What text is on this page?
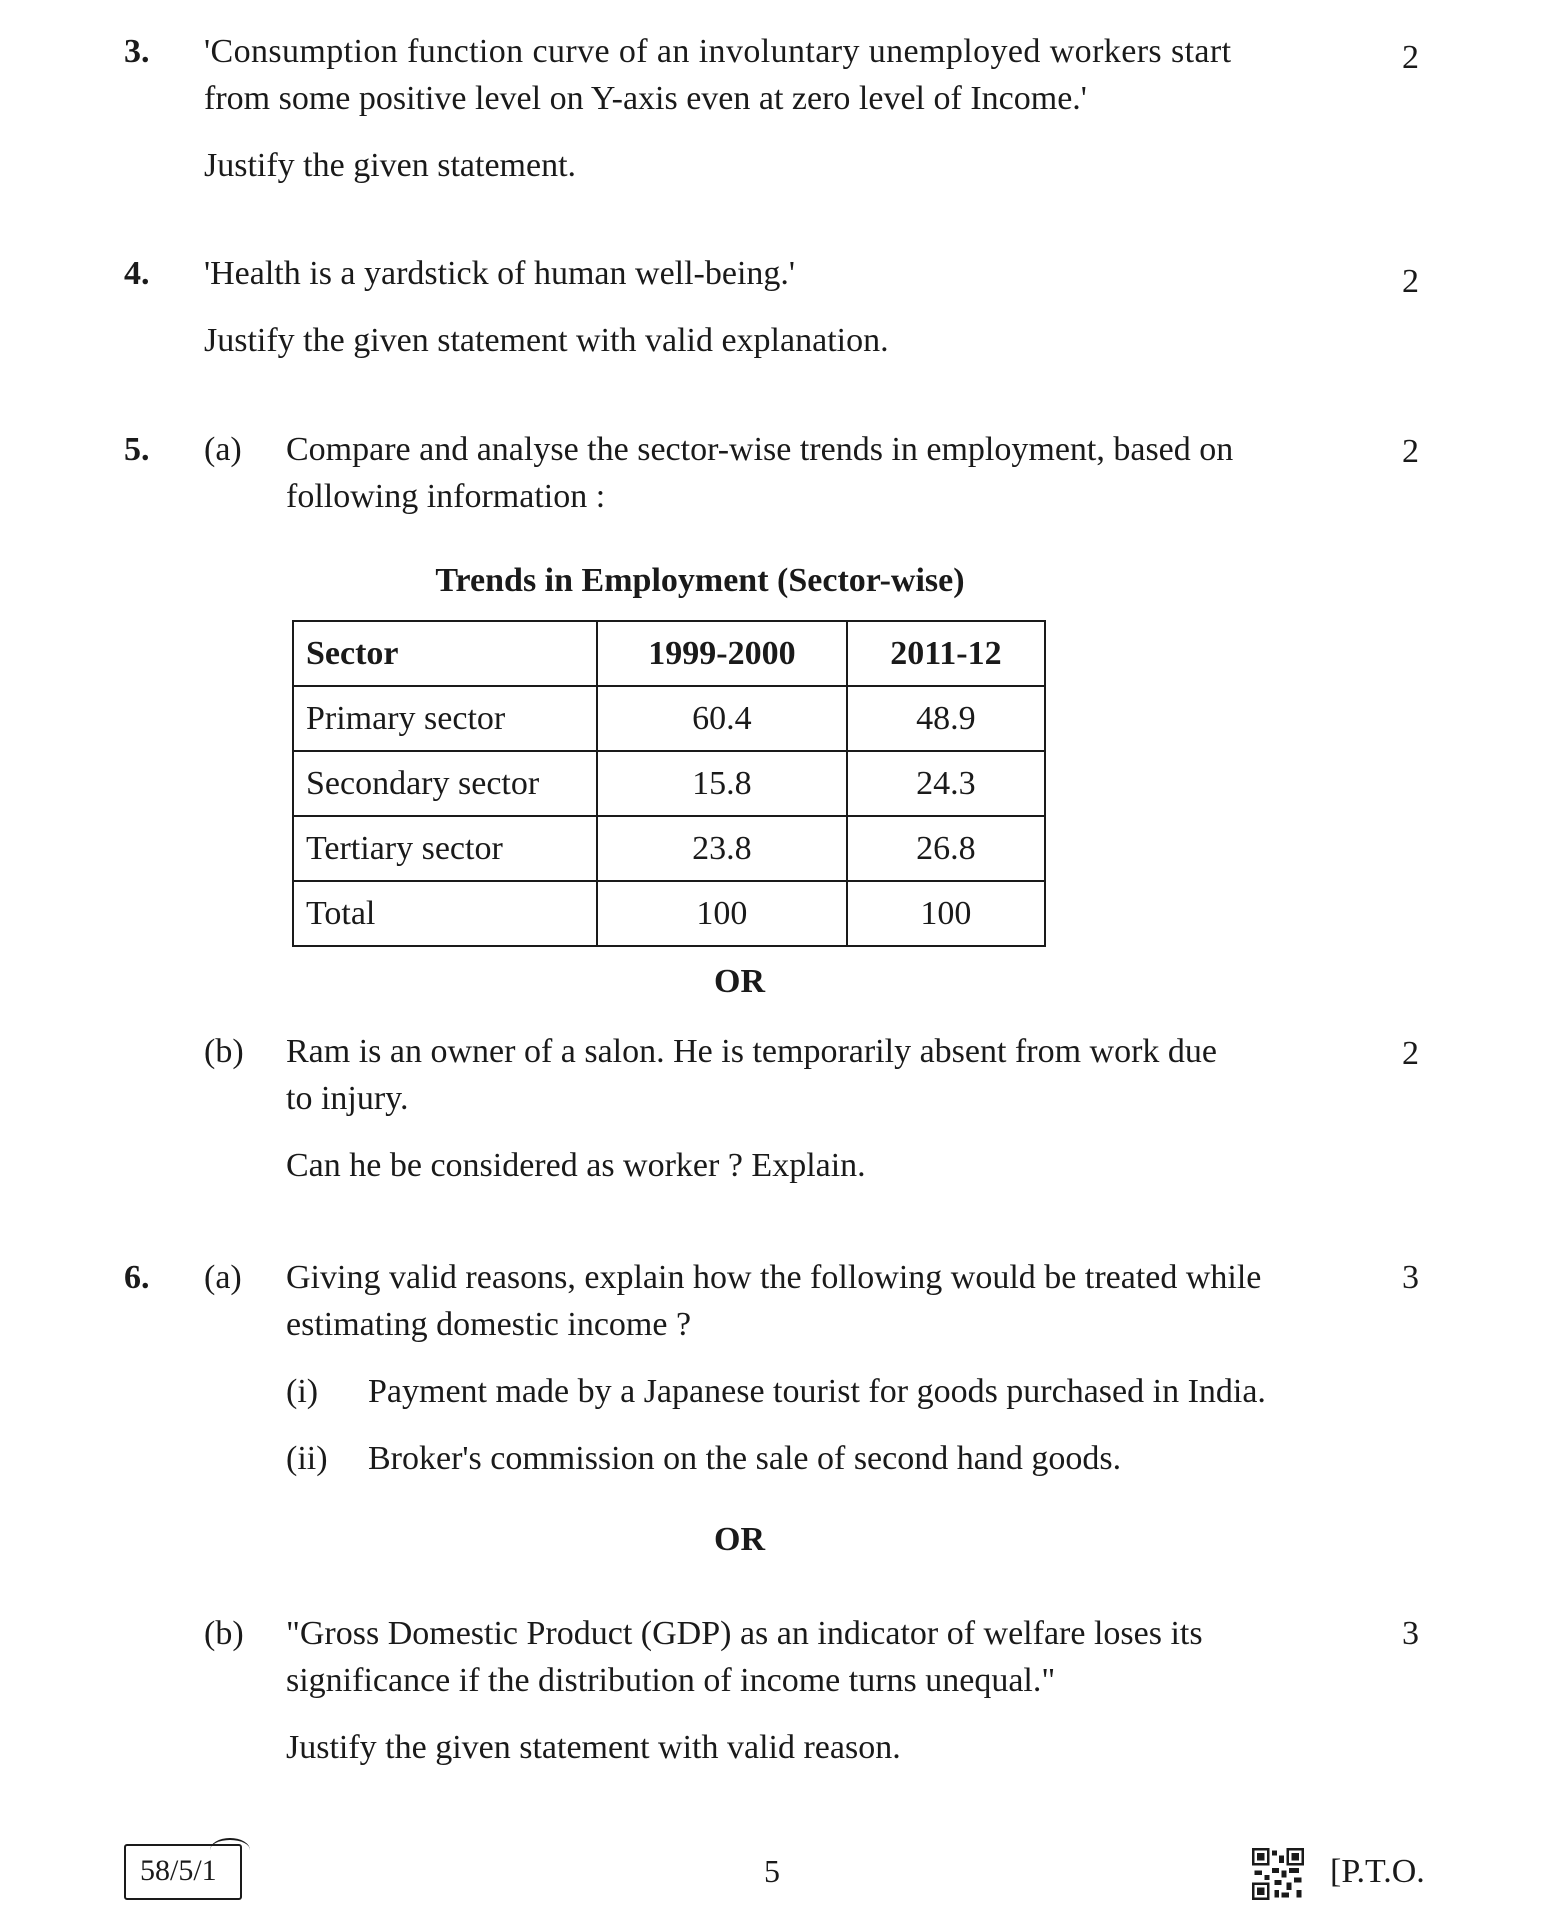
3. 'Consumption function curve of an involuntary unemployed workers start

from some positive level on Y-axis even at zero level of Income.'

Justify the given statement.

2

4. 'Health is a yardstick of human well-being.'

Justify the given statement with valid explanation.

2

5. (a) Compare and analyse the sector-wise trends in employment, based on

following information :

2

Trends in Employment (Sector-wise)
Sector	1999-2000	2011-12
Primary sector	60.4	48.9
Secondary sector	15.8	24.3
Tertiary sector	23.8	26.8
Total	100	100

OR

(b) Ram is an owner of a salon. He is temporarily absent from work due

to injury.

Can he be considered as worker ? Explain.

2

6. (a) Giving valid reasons, explain how the following would be treated while

estimating domestic income ?

3

(i) Payment made by a Japanese tourist for goods purchased in India.

(ii) Broker's commission on the sale of second hand goods.

OR

(b) "Gross Domestic Product (GDP) as an indicator of welfare loses its

significance if the distribution of income turns unequal."

Justify the given statement with valid reason.

3

58/5/1	5	[P.T.O.
